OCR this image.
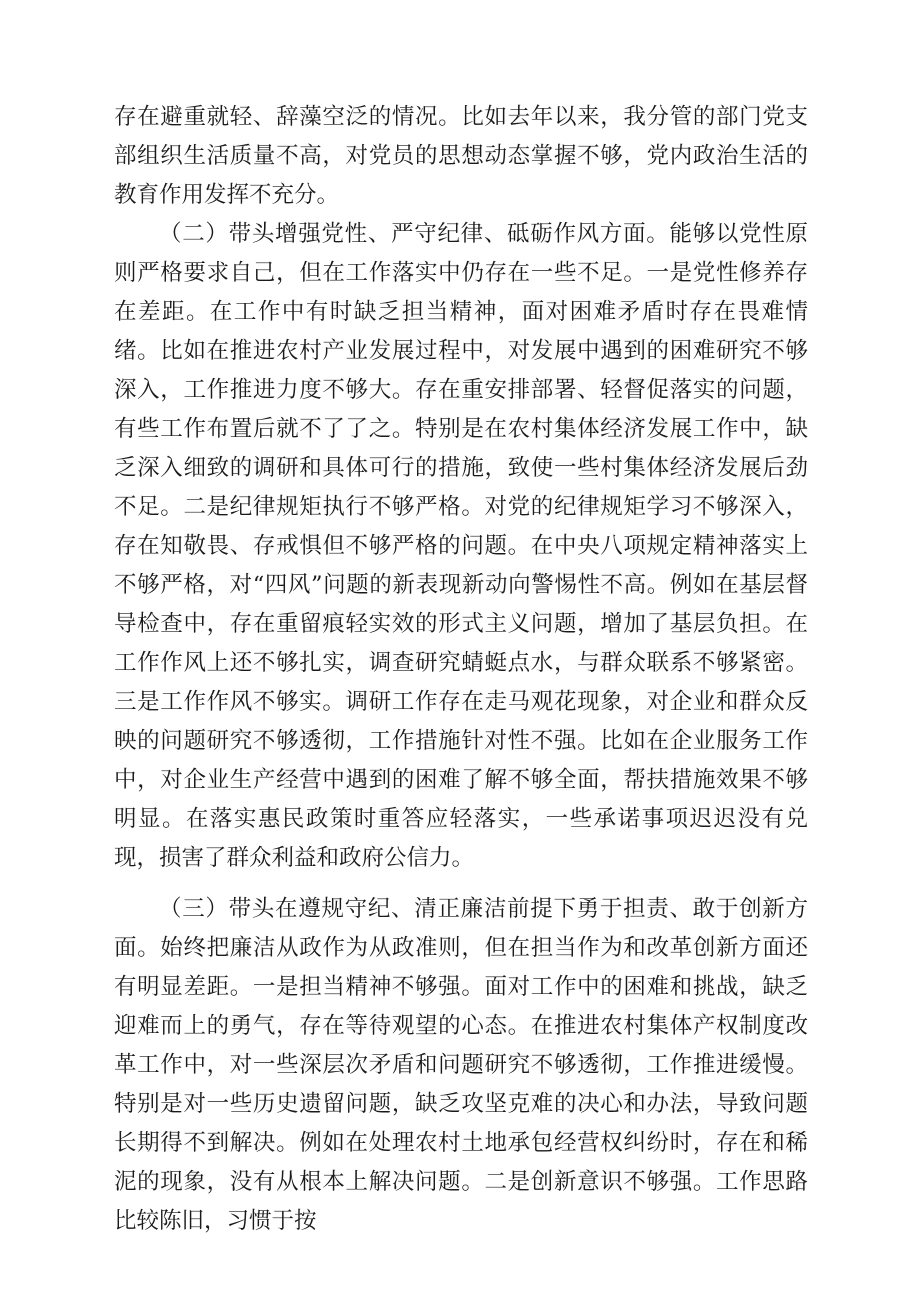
存在避重就轻、辞藻空泛的情况。比如去年以来，我分管的部门党支部组织生活质量不高，对党员的思想动态掌握不够，党内政治生活的教育作用发挥不充分。

（二）带头增强党性、严守纪律、砥砺作风方面。能够以党性原则严格要求自己，但在工作落实中仍存在一些不足。一是党性修养存在差距。在工作中有时缺乏担当精神，面对困难矛盾时存在畏难情绪。比如在推进农村产业发展过程中，对发展中遇到的困难研究不够深入，工作推进力度不够大。存在重安排部署、轻督促落实的问题，有些工作布置后就不了了之。特别是在农村集体经济发展工作中，缺乏深入细致的调研和具体可行的措施，致使一些村集体经济发展后劲不足。二是纪律规矩执行不够严格。对党的纪律规矩学习不够深入，存在知敬畏、存戒惧但不够严格的问题。在中央八项规定精神落实上不够严格，对“四风”问题的新表现新动向警惕性不高。例如在基层督导检查中，存在重留痕轻实效的形式主义问题，增加了基层负担。在工作作风上还不够扎实，调查研究蜻蜓点水，与群众联系不够紧密。三是工作作风不够实。调研工作存在走马观花现象，对企业和群众反映的问题研究不够透彻，工作措施针对性不强。比如在企业服务工作中，对企业生产经营中遇到的困难了解不够全面，帮扶措施效果不够明显。在落实惠民政策时重答应轻落实，一些承诺事项迟迟没有兑现，损害了群众利益和政府公信力。

（三）带头在遵规守纪、清正廉洁前提下勇于担责、敢于创新方面。始终把廉洁从政作为从政准则，但在担当作为和改革创新方面还有明显差距。一是担当精神不够强。面对工作中的困难和挑战，缺乏迎难而上的勇气，存在等待观望的心态。在推进农村集体产权制度改革工作中，对一些深层次矛盾和问题研究不够透彻，工作推进缓慢。特别是对一些历史遗留问题，缺乏攻坚克难的决心和办法，导致问题长期得不到解决。例如在处理农村土地承包经营权纠纷时，存在和稀泥的现象，没有从根本上解决问题。二是创新意识不够强。工作思路比较陈旧，习惯于按
